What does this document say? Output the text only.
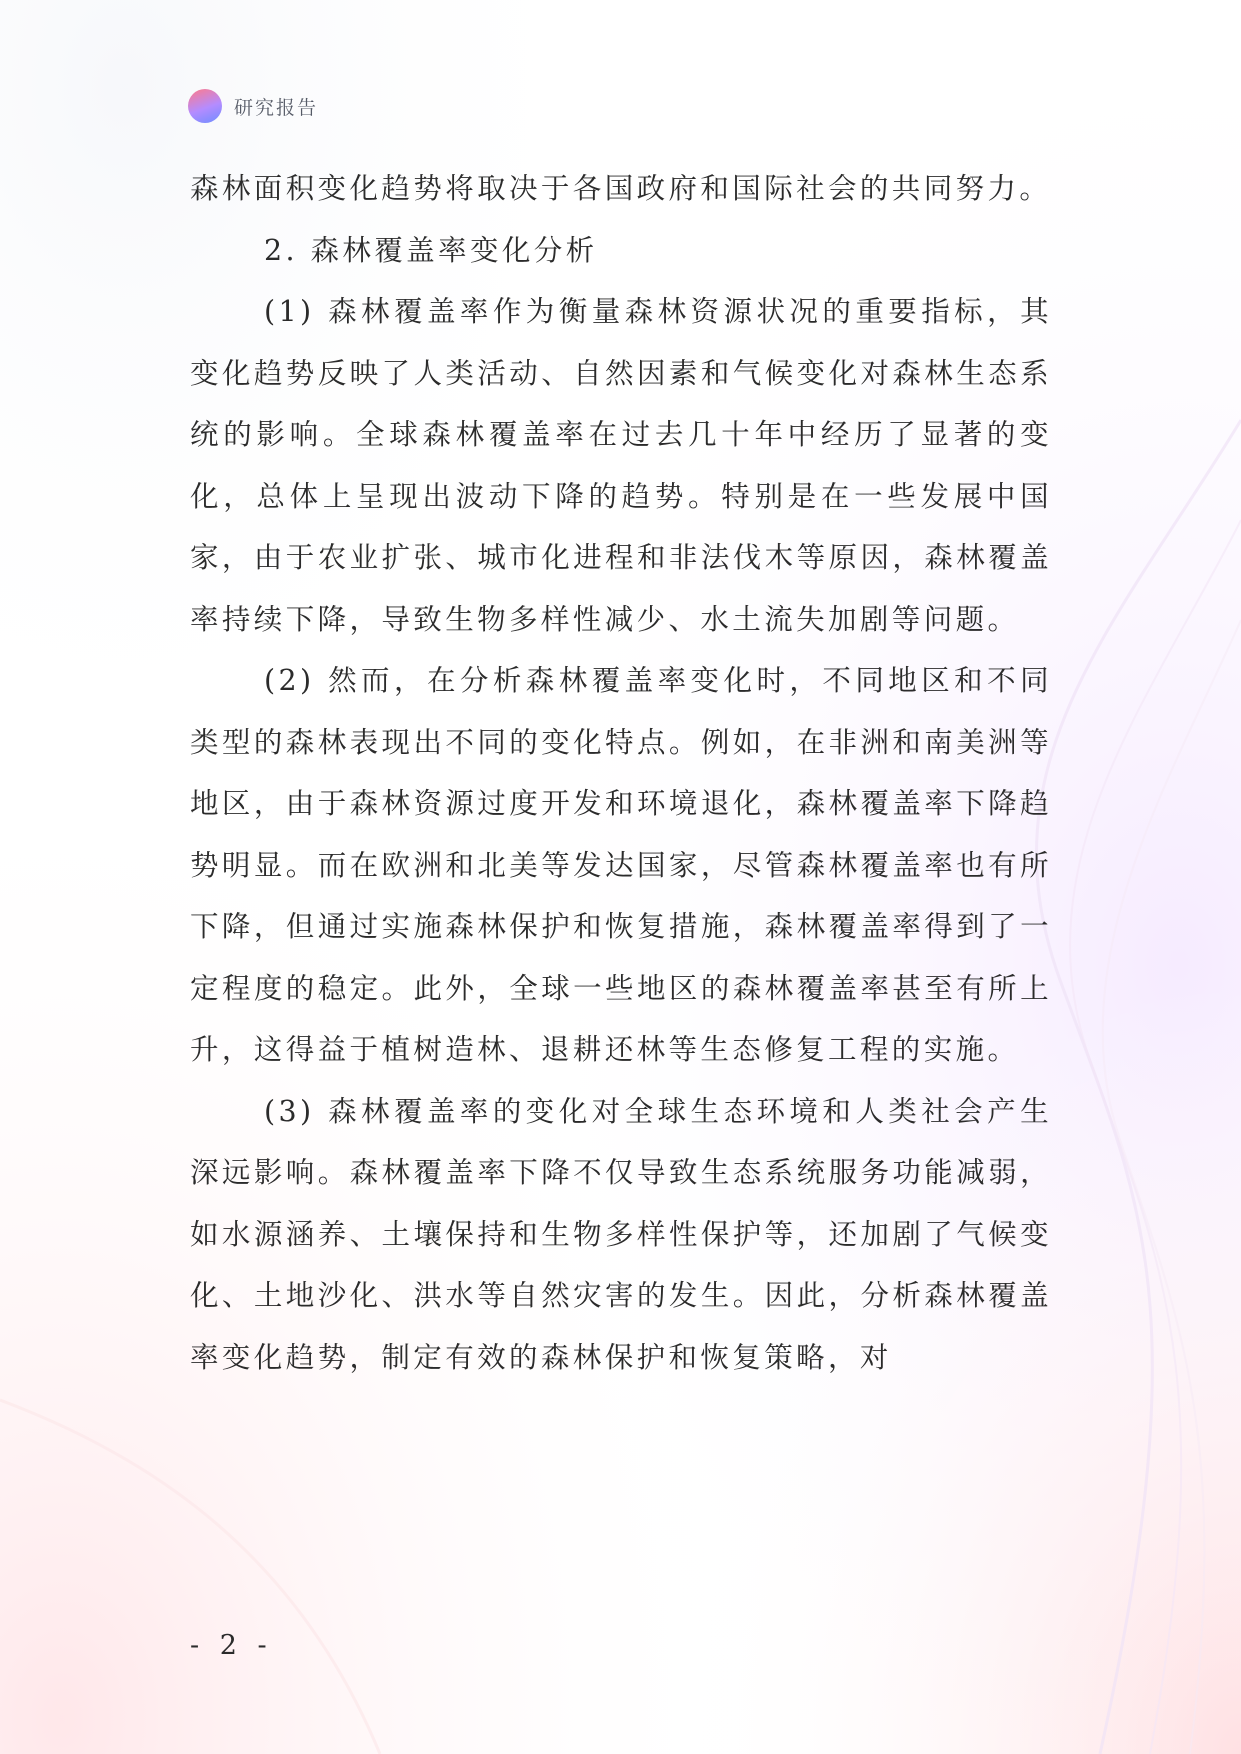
研究报告

森林面积变化趋势将取决于各国政府和国际社会的共同努力。

2. 森林覆盖率变化分析

(1) 森林覆盖率作为衡量森林资源状况的重要指标，其变化趋势反映了人类活动、自然因素和气候变化对森林生态系统的影响。全球森林覆盖率在过去几十年中经历了显著的变化，总体上呈现出波动下降的趋势。特别是在一些发展中国家，由于农业扩张、城市化进程和非法伐木等原因，森林覆盖率持续下降，导致生物多样性减少、水土流失加剧等问题。

(2) 然而，在分析森林覆盖率变化时，不同地区和不同类型的森林表现出不同的变化特点。例如，在非洲和南美洲等地区，由于森林资源过度开发和环境退化，森林覆盖率下降趋势明显。而在欧洲和北美等发达国家，尽管森林覆盖率也有所下降，但通过实施森林保护和恢复措施，森林覆盖率得到了一定程度的稳定。此外，全球一些地区的森林覆盖率甚至有所上升，这得益于植树造林、退耕还林等生态修复工程的实施。

(3) 森林覆盖率的变化对全球生态环境和人类社会产生深远影响。森林覆盖率下降不仅导致生态系统服务功能减弱，如水源涵养、土壤保持和生物多样性保护等，还加剧了气候变化、土地沙化、洪水等自然灾害的发生。因此，分析森林覆盖率变化趋势，制定有效的森林保护和恢复策略，对

- 2 -
